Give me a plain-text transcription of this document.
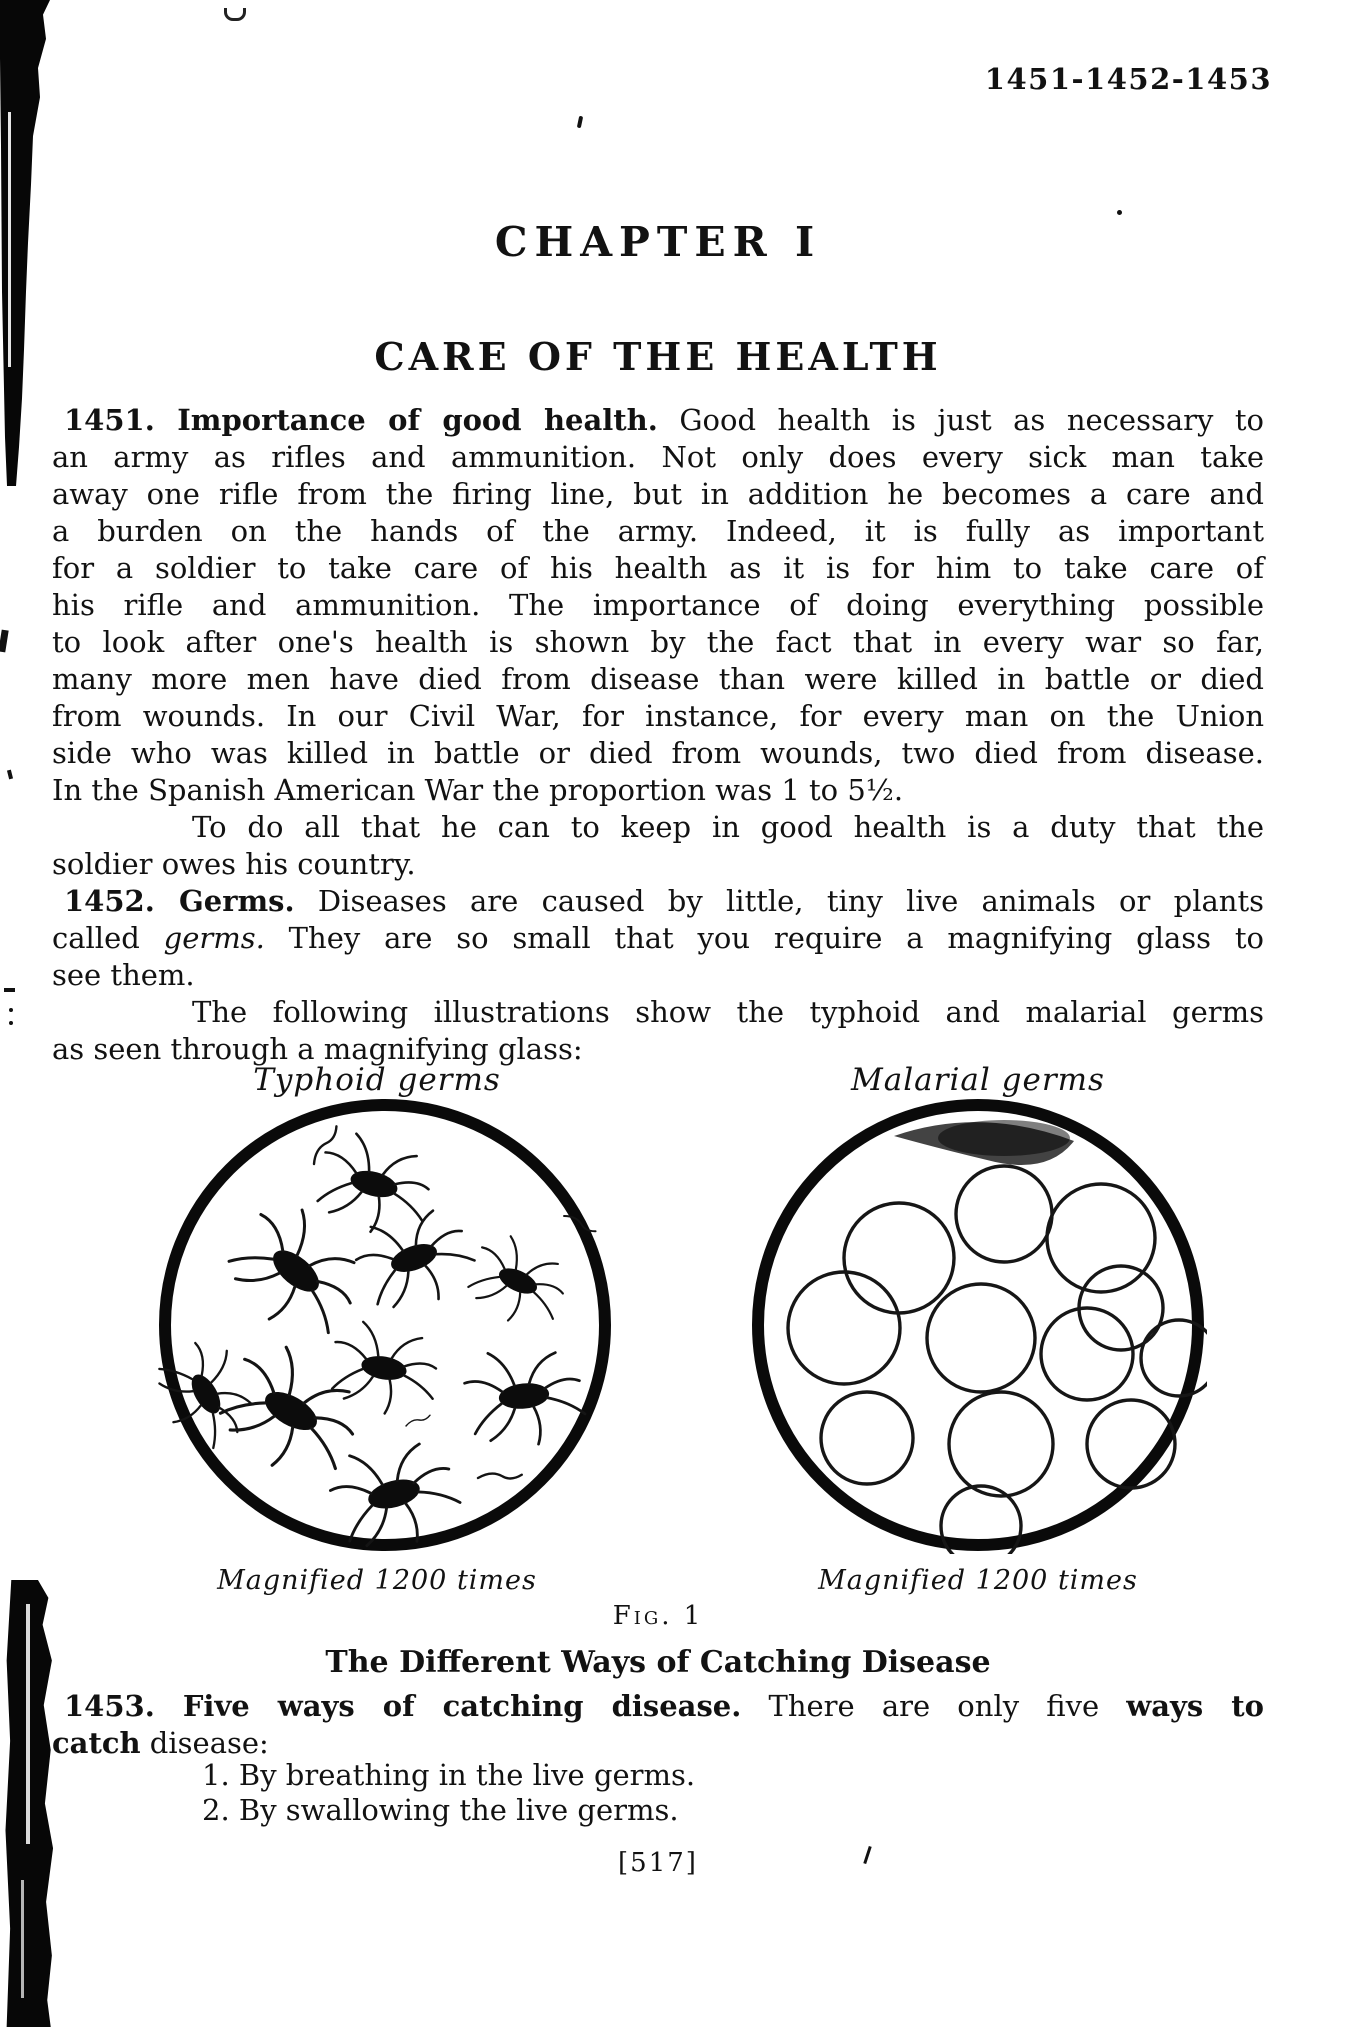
1451-1452-1453
CHAPTER I
CARE OF THE HEALTH
1451. Importance of good health. Good health is just as necessary to
an army as rifles and ammunition. Not only does every sick man take
away one rifle from the firing line, but in addition he becomes a care and
a burden on the hands of the army. Indeed, it is fully as important
for a soldier to take care of his health as it is for him to take care of
his rifle and ammunition. The importance of doing everything possible
to look after one's health is shown by the fact that in every war so far,
many more men have died from disease than were killed in battle or died
from wounds. In our Civil War, for instance, for every man on the Union
side who was killed in battle or died from wounds, two died from disease.
In the Spanish American War the proportion was 1 to 5½.
To do all that he can to keep in good health is a duty that the
soldier owes his country.
1452. Germs. Diseases are caused by little, tiny live animals or plants
called germs. They are so small that you require a magnifying glass to
see them.
The following illustrations show the typhoid and malarial germs
as seen through a magnifying glass:
Typhoid germs	Malarial germs
Magnified 1200 times	Magnified 1200 times
Fig. 1
The Different Ways of Catching Disease
1453. Five ways of catching disease. There are only five ways to
catch disease:
1. By breathing in the live germs.
2. By swallowing the live germs.
[517]
